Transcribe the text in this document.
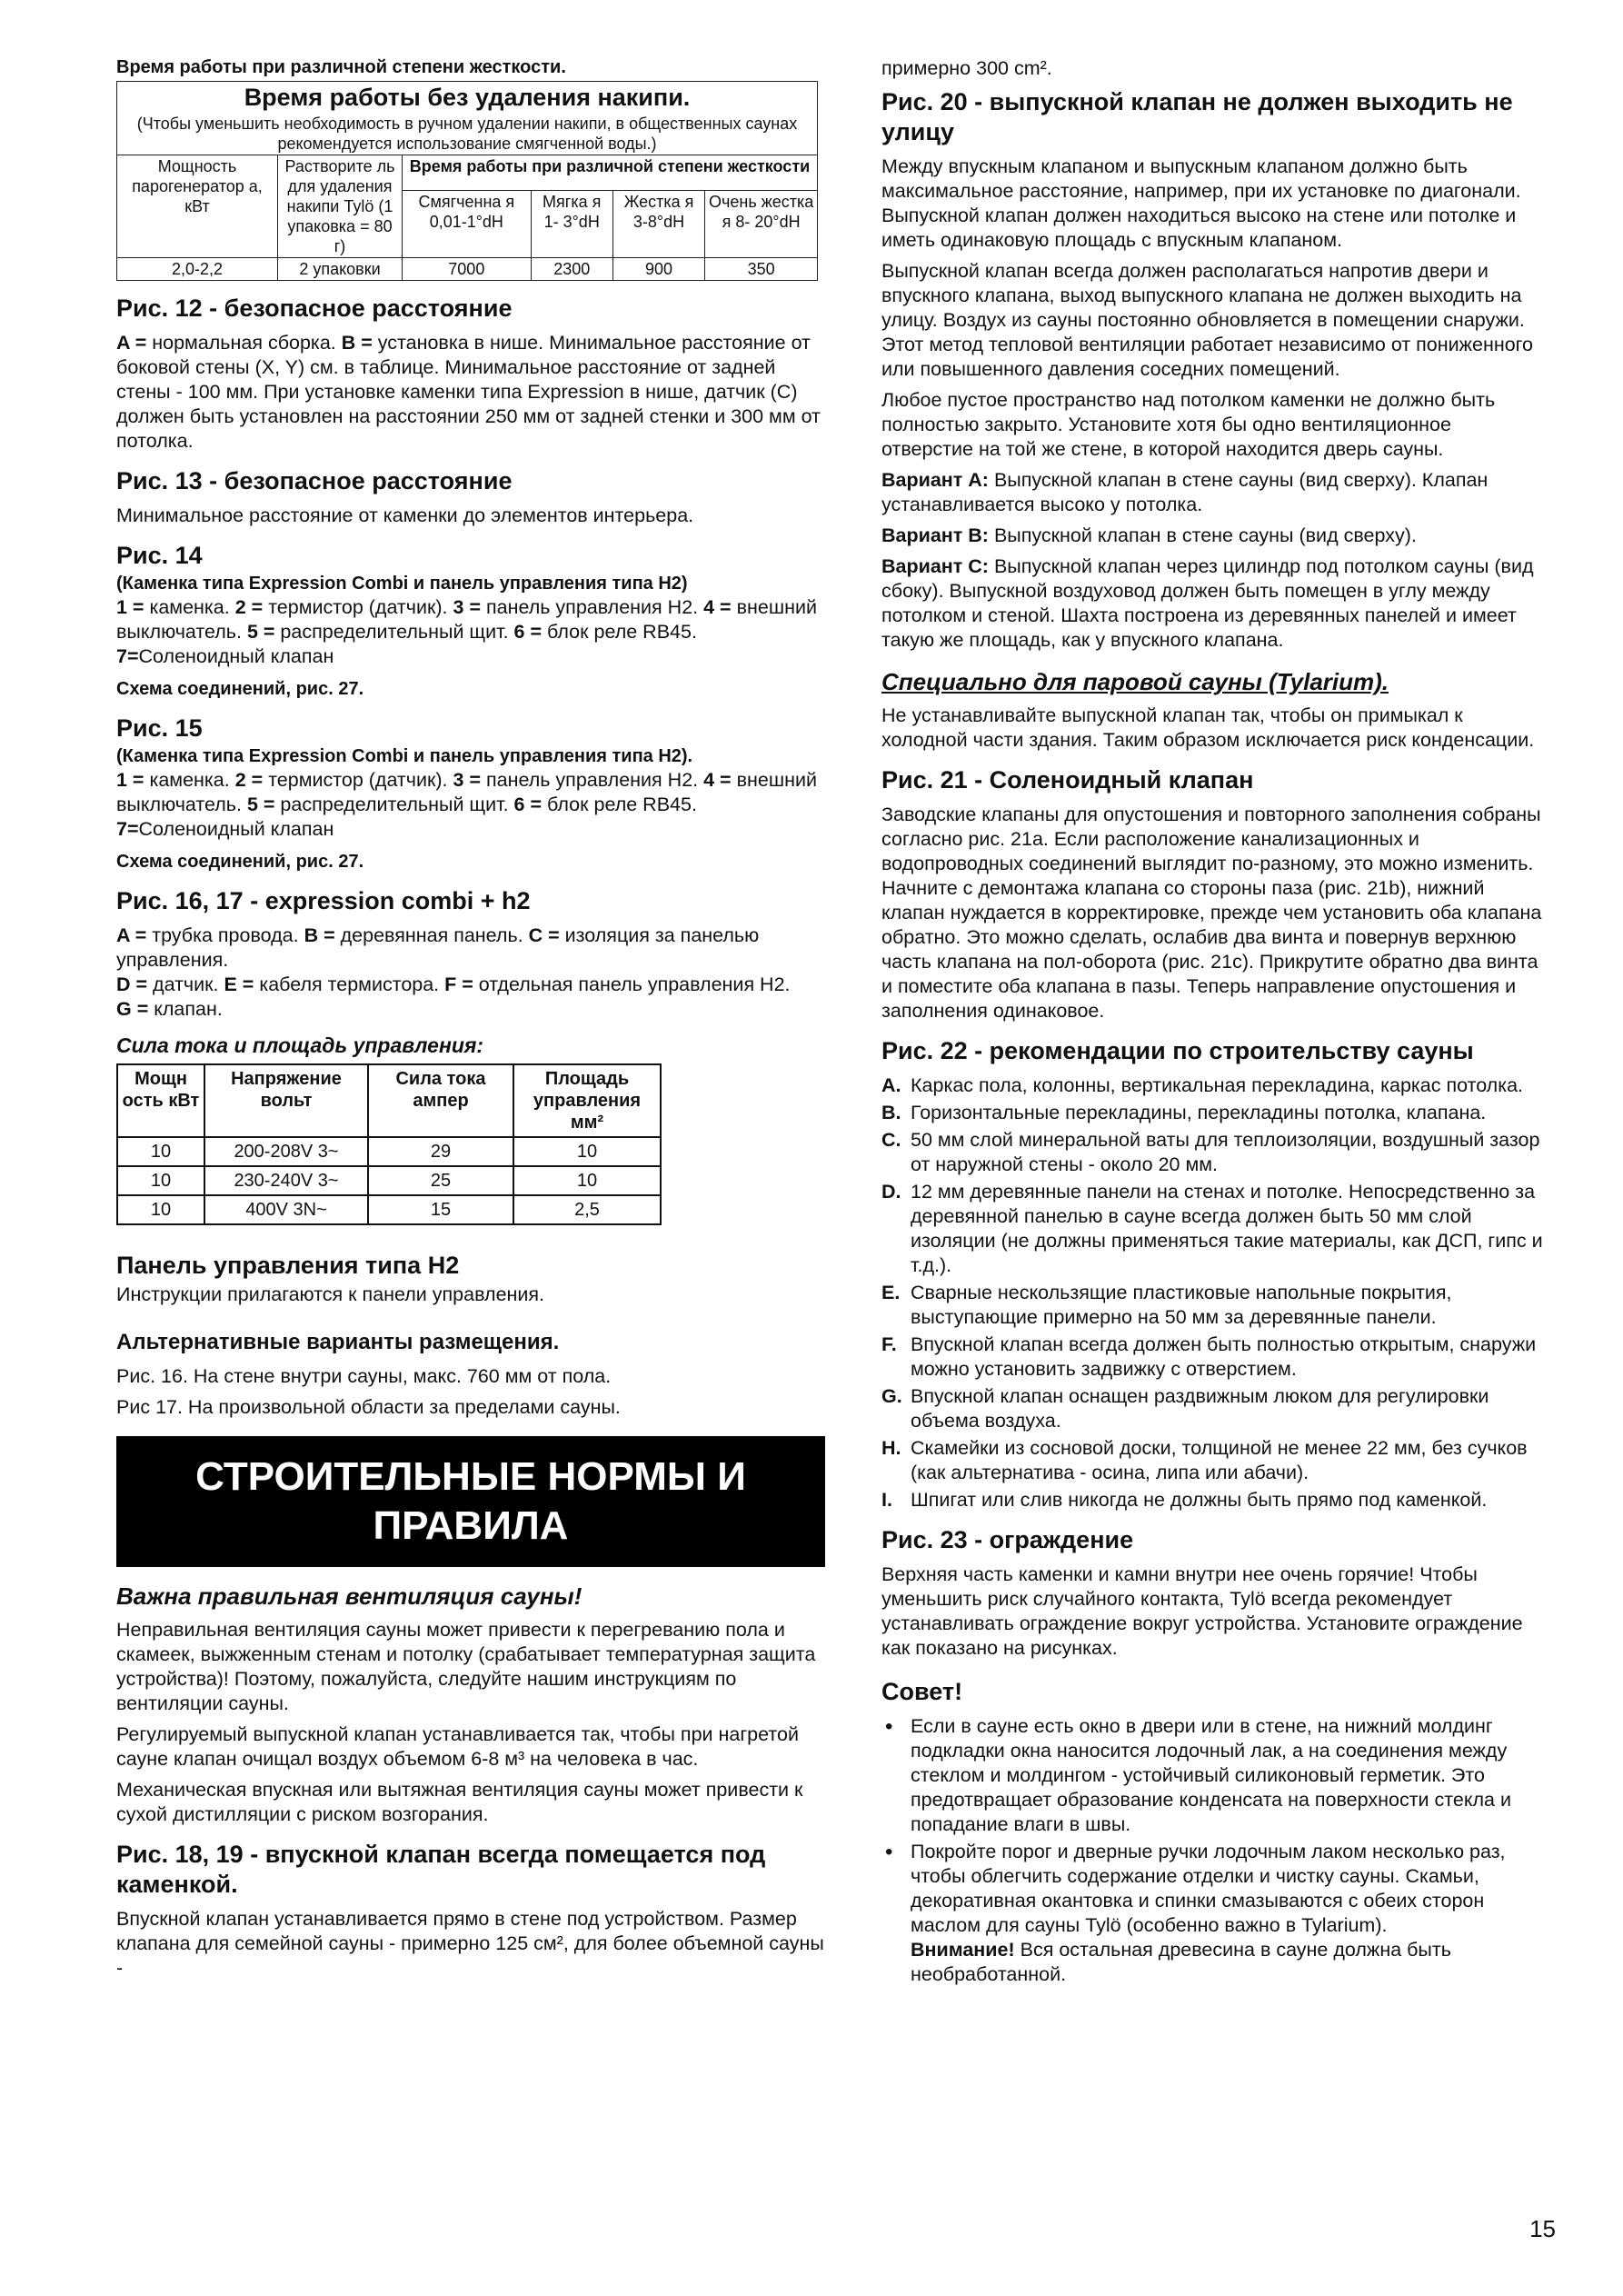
Время работы при различной степени жесткости.

Время работы без удаления накипи.					
(Чтобы уменьшить необходимость в ручном удалении накипи, в общественных саунах рекомендуется использование смягченной воды.)					
Мощность парогенератор а, кВт	Растворите ль для удаления накипи Tylö (1 упаковка = 80 г)	Время работы при различной степени жесткости			
		Смягченна я 0,01-1°dH	Мягка я 1- 3°dH	Жестка я 3-8°dH	Очень жестка я 8- 20°dH
2,0-2,2	2 упаковки	7000	2300	900	350

Рис. 12 - безопасное расстояние

A = нормальная сборка. B = установка в нише. Минимальное расстояние от боковой стены (X, Y) см. в таблице. Минимальное расстояние от задней стены - 100 мм. При установке каменки типа Expression в нише, датчик (C) должен быть установлен на расстоянии 250 мм от задней стенки и 300 мм от потолка.

Рис. 13 - безопасное расстояние

Минимальное расстояние от каменки до элементов интерьера.

Рис. 14

(Каменка типа Expression Combi и панель управления типа H2)

1 = каменка. 2 = термистор (датчик). 3 = панель управления H2. 4 = внешний выключатель. 5 = распределительный щит. 6 = блок реле RB45. 7=Соленоидный клапан

Схема соединений, рис. 27.

Рис. 15

(Каменка типа Expression Combi и панель управления типа H2).

1 = каменка. 2 = термистор (датчик). 3 = панель управления H2. 4 = внешний выключатель. 5 = распределительный щит. 6 = блок реле RB45. 7=Соленоидный клапан

Схема соединений, рис. 27.

Рис. 16, 17 - expression combi + h2

A = трубка провода. B = деревянная панель. C = изоляция за панелью управления.

D = датчик. E = кабеля термистора. F = отдельная панель управления H2.

G = клапан.

Сила тока и площадь управления:

Мощн ость кВт	Напряжение вольт	Сила тока ампер	Площадь управления мм²
10	200-208V 3~	29	10
10	230-240V 3~	25	10
10	400V 3N~	15	2,5

Панель управления типа H2

Инструкции прилагаются к панели управления.

Альтернативные варианты размещения.

Рис. 16. На стене внутри сауны, макс. 760 мм от пола.

Рис 17. На произвольной области за пределами сауны.

СТРОИТЕЛЬНЫЕ НОРМЫ И ПРАВИЛА

Важна правильная вентиляция сауны!

Неправильная вентиляция сауны может привести к перегреванию пола и скамеек, выжженным стенам и потолку (срабатывает температурная защита устройства)! Поэтому, пожалуйста, следуйте нашим инструкциям по вентиляции сауны.

Регулируемый выпускной клапан устанавливается так, чтобы при нагретой сауне клапан очищал воздух объемом 6-8 м³ на человека в час.

Механическая впускная или вытяжная вентиляция сауны может привести к сухой дистилляции с риском возгорания.

Рис. 18, 19 - впускной клапан всегда помещается под каменкой.

Впускной клапан устанавливается прямо в стене под устройством. Размер клапана для семейной сауны - примерно 125 см², для более объемной сауны -

примерно 300 cm².

Рис. 20 - выпускной клапан не должен выходить не улицу

Между впускным клапаном и выпускным клапаном должно быть максимальное расстояние, например, при их установке по диагонали. Выпускной клапан должен находиться высоко на стене или потолке и иметь одинаковую площадь с впускным клапаном.

Выпускной клапан всегда должен располагаться напротив двери и впускного клапана, выход выпускного клапана не должен выходить на улицу. Воздух из сауны постоянно обновляется в помещении снаружи. Этот метод тепловой вентиляции работает независимо от пониженного или повышенного давления соседних помещений.

Любое пустое пространство над потолком каменки не должно быть полностью закрыто. Установите хотя бы одно вентиляционное отверстие на той же стене, в которой находится дверь сауны.

Вариант A: Выпускной клапан в стене сауны (вид сверху). Клапан устанавливается высоко у потолка.

Вариант B: Выпускной клапан в стене сауны (вид сверху).

Вариант C: Выпускной клапан через цилиндр под потолком сауны (вид сбоку). Выпускной воздуховод должен быть помещен в углу между потолком и стеной. Шахта построена из деревянных панелей и имеет такую же площадь, как у впускного клапана.

Специально для паровой сауны (Tylarium).

Не устанавливайте выпускной клапан так, чтобы он примыкал к холодной части здания. Таким образом исключается риск конденсации.

Рис. 21 - Соленоидный клапан

Заводские клапаны для опустошения и повторного заполнения собраны согласно рис. 21a. Если расположение канализационных и водопроводных соединений выглядит по-разному, это можно изменить. Начните с демонтажа клапана со стороны паза (рис. 21b), нижний клапан нуждается в корректировке, прежде чем установить оба клапана обратно. Это можно сделать, ослабив два винта и повернув верхнюю часть клапана на пол-оборота (рис. 21c). Прикрутите обратно два винта и поместите оба клапана в пазы. Теперь направление опустошения и заполнения одинаковое.

Рис. 22 - рекомендации по строительству сауны

A. Каркас пола, колонны, вертикальная перекладина, каркас потолка.
B. Горизонтальные перекладины, перекладины потолка, клапана.
C. 50 мм слой минеральной ваты для теплоизоляции, воздушный зазор от наружной стены - около 20 мм.
D. 12 мм деревянные панели на стенах и потолке. Непосредственно за деревянной панелью в сауне всегда должен быть 50 мм слой изоляции (не должны применяться такие материалы, как ДСП, гипс и т.д.).
E. Сварные нескользящие пластиковые напольные покрытия, выступающие примерно на 50 мм за деревянные панели.
F. Впускной клапан всегда должен быть полностью открытым, снаружи можно установить задвижку с отверстием.
G. Впускной клапан оснащен раздвижным люком для регулировки объема воздуха.
H. Скамейки из сосновой доски, толщиной не менее 22 мм, без сучков (как альтернатива - осина, липа или абачи).
I. Шпигат или слив никогда не должны быть прямо под каменкой.

Рис. 23 - ограждение

Верхняя часть каменки и камни внутри нее очень горячие! Чтобы уменьшить риск случайного контакта, Tylö всегда рекомендует устанавливать ограждение вокруг устройства. Установите ограждение как показано на рисунках.

Совет!

• Если в сауне есть окно в двери или в стене, на нижний молдинг подкладки окна наносится лодочный лак, а на соединения между стеклом и молдингом - устойчивый силиконовый герметик. Это предотвращает образование конденсата на поверхности стекла и попадание влаги в швы.
• Покройте порог и дверные ручки лодочным лаком несколько раз, чтобы облегчить содержание отделки и чистку сауны. Скамьи, декоративная окантовка и спинки смазываются с обеих сторон маслом для сауны Tylö (особенно важно в Tylarium).
Внимание! Вся остальная древесина в сауне должна быть необработанной.
15
